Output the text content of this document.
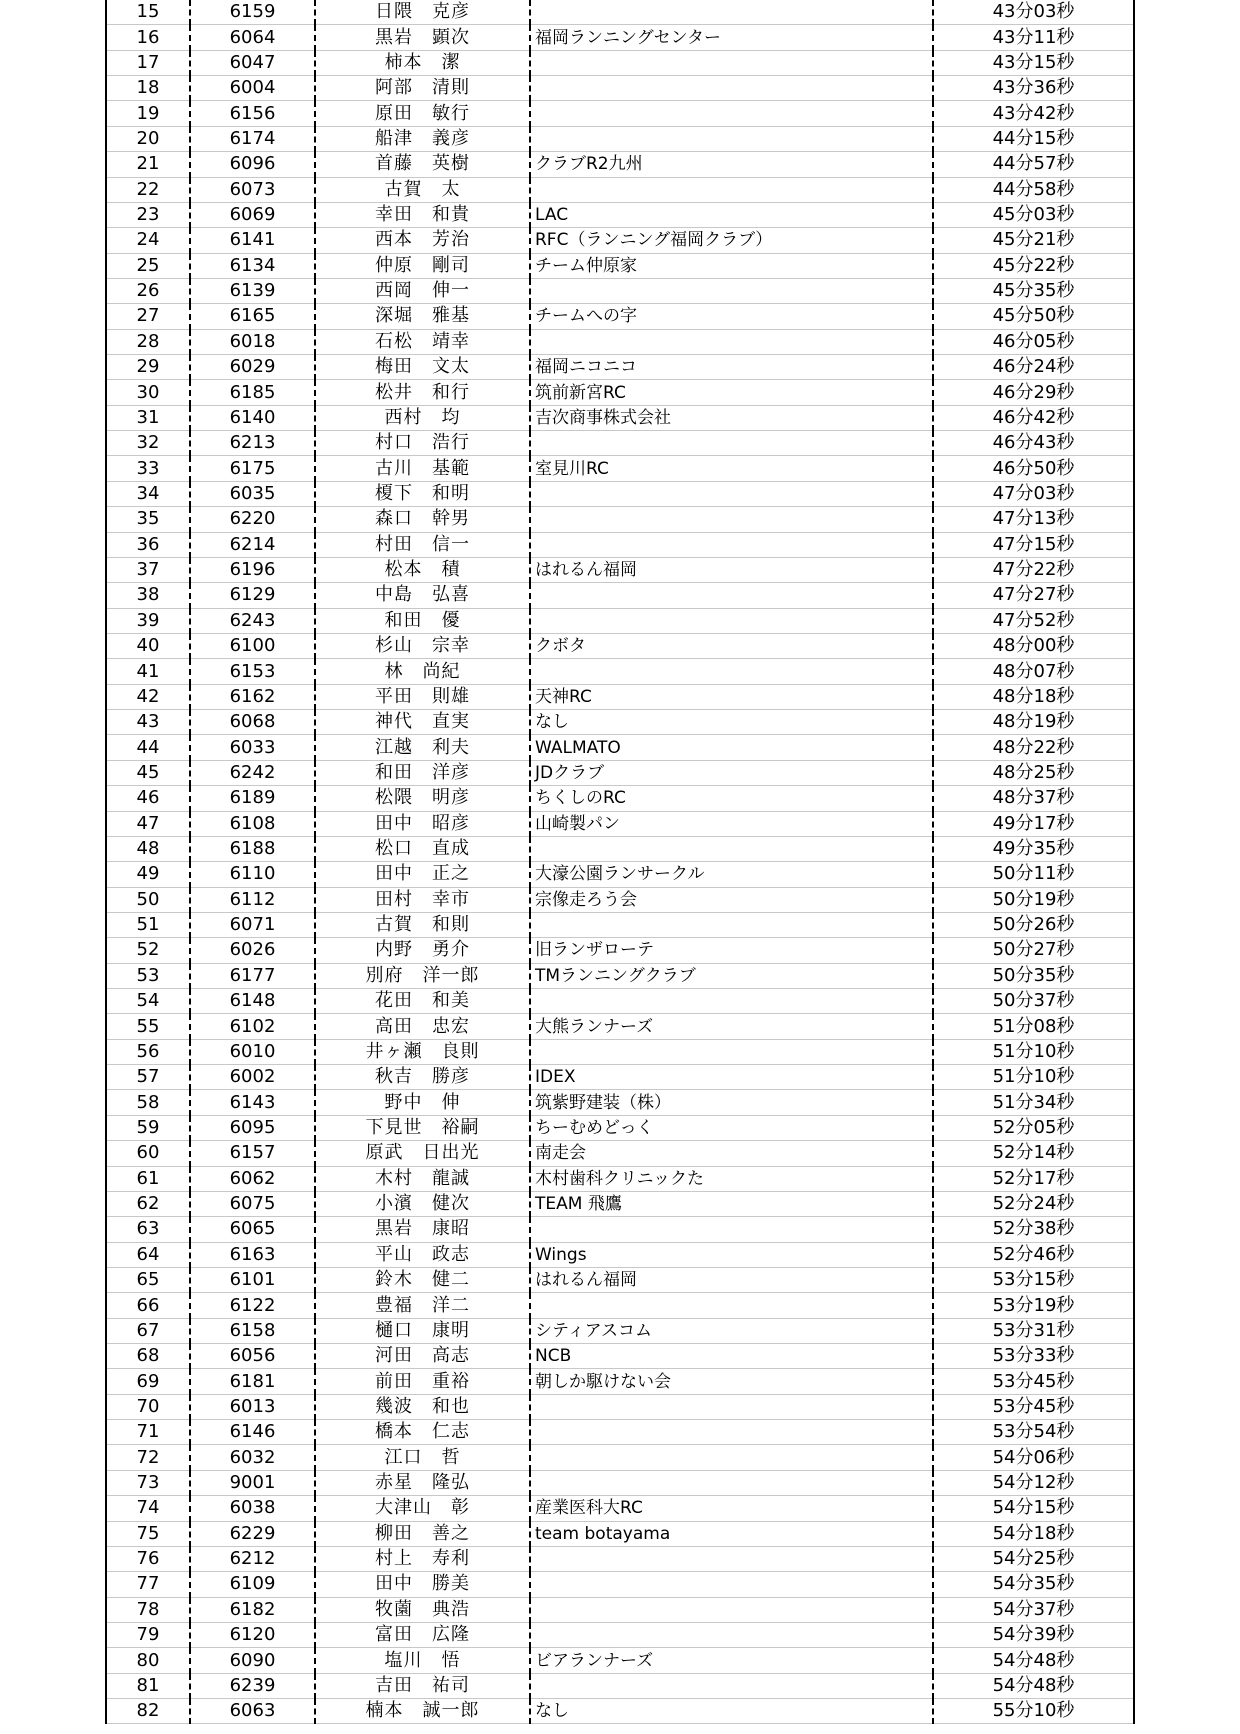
15	6159	日隈　克彦		43分03秒
16	6064	黒岩　顕次	福岡ランニングセンター	43分11秒
17	6047	柿本　潔		43分15秒
18	6004	阿部　清則		43分36秒
19	6156	原田　敏行		43分42秒
20	6174	船津　義彦		44分15秒
21	6096	首藤　英樹	クラブR2九州	44分57秒
22	6073	古賀　太		44分58秒
23	6069	幸田　和貴	LAC	45分03秒
24	6141	西本　芳治	RFC（ランニング福岡クラブ）	45分21秒
25	6134	仲原　剛司	チーム仲原家	45分22秒
26	6139	西岡　伸一		45分35秒
27	6165	深堀　雅基	チームへの字	45分50秒
28	6018	石松　靖幸		46分05秒
29	6029	梅田　文太	福岡ニコニコ	46分24秒
30	6185	松井　和行	筑前新宮RC	46分29秒
31	6140	西村　均	吉次商事株式会社	46分42秒
32	6213	村口　浩行		46分43秒
33	6175	古川　基範	室見川RC	46分50秒
34	6035	榎下　和明		47分03秒
35	6220	森口　幹男		47分13秒
36	6214	村田　信一		47分15秒
37	6196	松本　積	はれるん福岡	47分22秒
38	6129	中島　弘喜		47分27秒
39	6243	和田　優		47分52秒
40	6100	杉山　宗幸	クボタ	48分00秒
41	6153	林　尚紀		48分07秒
42	6162	平田　則雄	天神RC	48分18秒
43	6068	神代　直実	なし	48分19秒
44	6033	江越　利夫	WALMATO	48分22秒
45	6242	和田　洋彦	JDクラブ	48分25秒
46	6189	松隈　明彦	ちくしのRC	48分37秒
47	6108	田中　昭彦	山崎製パン	49分17秒
48	6188	松口　直成		49分35秒
49	6110	田中　正之	大濠公園ランサークル	50分11秒
50	6112	田村　幸市	宗像走ろう会	50分19秒
51	6071	古賀　和則		50分26秒
52	6026	内野　勇介	旧ランザローテ	50分27秒
53	6177	別府　洋一郎	TMランニングクラブ	50分35秒
54	6148	花田　和美		50分37秒
55	6102	高田　忠宏	大熊ランナーズ	51分08秒
56	6010	井ヶ瀬　良則		51分10秒
57	6002	秋吉　勝彦	IDEX	51分10秒
58	6143	野中　伸	筑紫野建装（株）	51分34秒
59	6095	下見世　裕嗣	ちーむめどっく	52分05秒
60	6157	原武　日出光	南走会	52分14秒
61	6062	木村　龍誠	木村歯科クリニックた	52分17秒
62	6075	小濱　健次	TEAM 飛鷹	52分24秒
63	6065	黒岩　康昭		52分38秒
64	6163	平山　政志	Wings	52分46秒
65	6101	鈴木　健二	はれるん福岡	53分15秒
66	6122	豊福　洋二		53分19秒
67	6158	樋口　康明	シティアスコム	53分31秒
68	6056	河田　高志	NCB	53分33秒
69	6181	前田　重裕	朝しか駆けない会	53分45秒
70	6013	幾波　和也		53分45秒
71	6146	橋本　仁志		53分54秒
72	6032	江口　哲		54分06秒
73	9001	赤星　隆弘		54分12秒
74	6038	大津山　彰	産業医科大RC	54分15秒
75	6229	柳田　善之	team botayama	54分18秒
76	6212	村上　寿利		54分25秒
77	6109	田中　勝美		54分35秒
78	6182	牧薗　典浩		54分37秒
79	6120	富田　広隆		54分39秒
80	6090	塩川　悟	ビアランナーズ	54分48秒
81	6239	吉田　祐司		54分48秒
82	6063	楠本　誠一郎	なし	55分10秒
